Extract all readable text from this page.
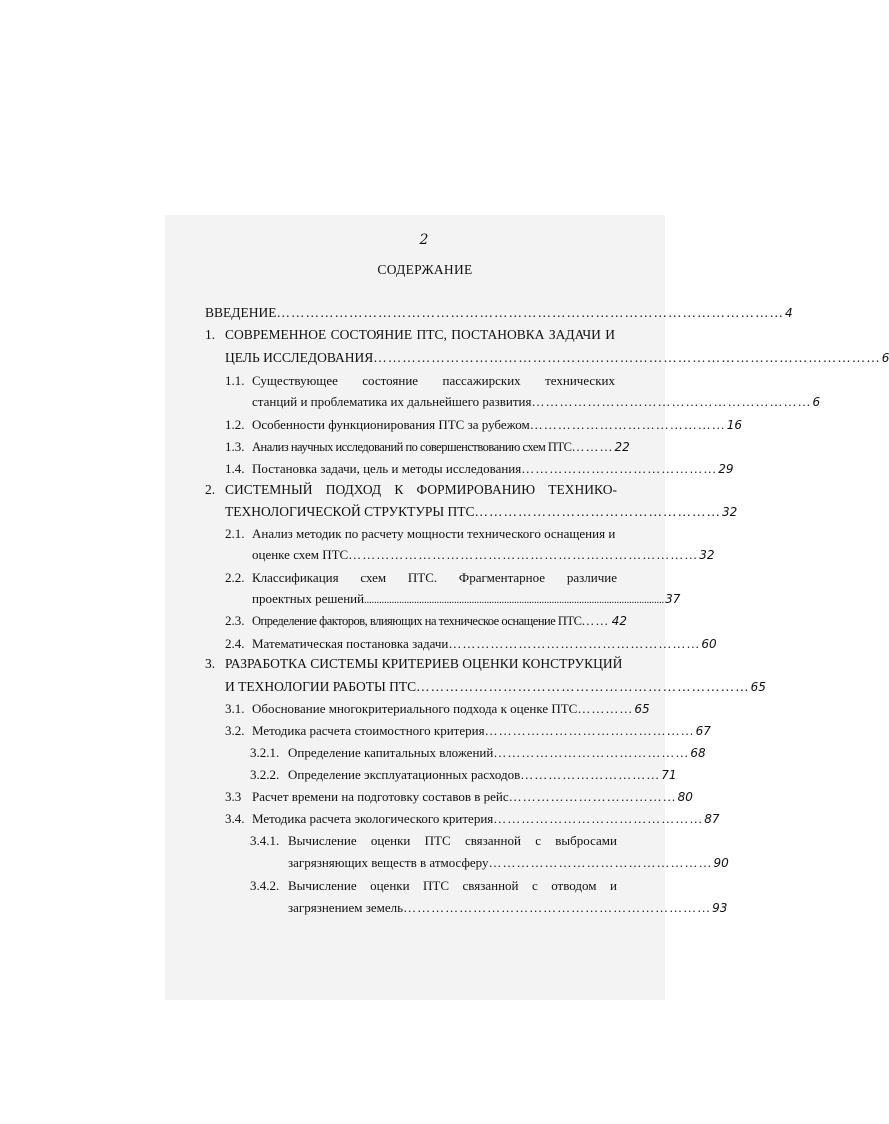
2
СОДЕРЖАНИЕ
ВВЕДЕНИЕ …………………………………………………………………………………………… 4
1. СОВРЕМЕННОЕ СОСТОЯНИЕ ПТС, ПОСТАНОВКА ЗАДАЧИ И
ЦЕЛЬ ИССЛЕДОВАНИЯ …………………………………………………………………………………………… 6
1.1. Существующее состояние пассажирских технических
станций и проблематика их дальнейшего развития …………………………………………………… 6
1.2. Особенности функционирования ПТС за рубежом …………………………………… 16
1.3. Анализ научных исследований по совершенствованию схем ПТС ……… 22
1.4. Постановка задачи, цель и методы исследования …………………………………… 29
2. СИСТЕМНЫЙ ПОДХОД К ФОРМИРОВАНИЮ ТЕХНИКО-
ТЕХНОЛОГИЧЕСКОЙ СТРУКТУРЫ ПТС …………………………………………… 32
2.1. Анализ методик по расчету мощности технического оснащения и
оценке схем ПТС ………………………………………………………………… 32
2.2. Классификация схем ПТС. Фрагментарное различие
проектных решений ........................................................................................................................ 37
2.3. Определение факторов, влияющих на техническое оснащение ПТС …… 42
2.4. Математическая постановка задачи ……………………………………………… 60
3. РАЗРАБОТКА СИСТЕМЫ КРИТЕРИЕВ ОЦЕНКИ КОНСТРУКЦИЙ
И ТЕХНОЛОГИИ РАБОТЫ ПТС …………………………………………………………… 65
3.1. Обоснование многокритериального подхода к оценке ПТС ………… 65
3.2. Методика расчета стоимостного критерия ……………………………………… 67
3.2.1. Определение капитальных вложений …………………………………… 68
3.2.2. Определение эксплуатационных расходов ………………………… 71
3.3 Расчет времени на подготовку составов в рейс ……………………………… 80
3.4. Методика расчета экологического критерия ……………………………………… 87
3.4.1. Вычисление оценки ПТС связанной с выбросами
загрязняющих веществ в атмосферу ………………………………………… 90
3.4.2. Вычисление оценки ПТС связанной с отводом и
загрязнением земель ………………………………………………………… 93
